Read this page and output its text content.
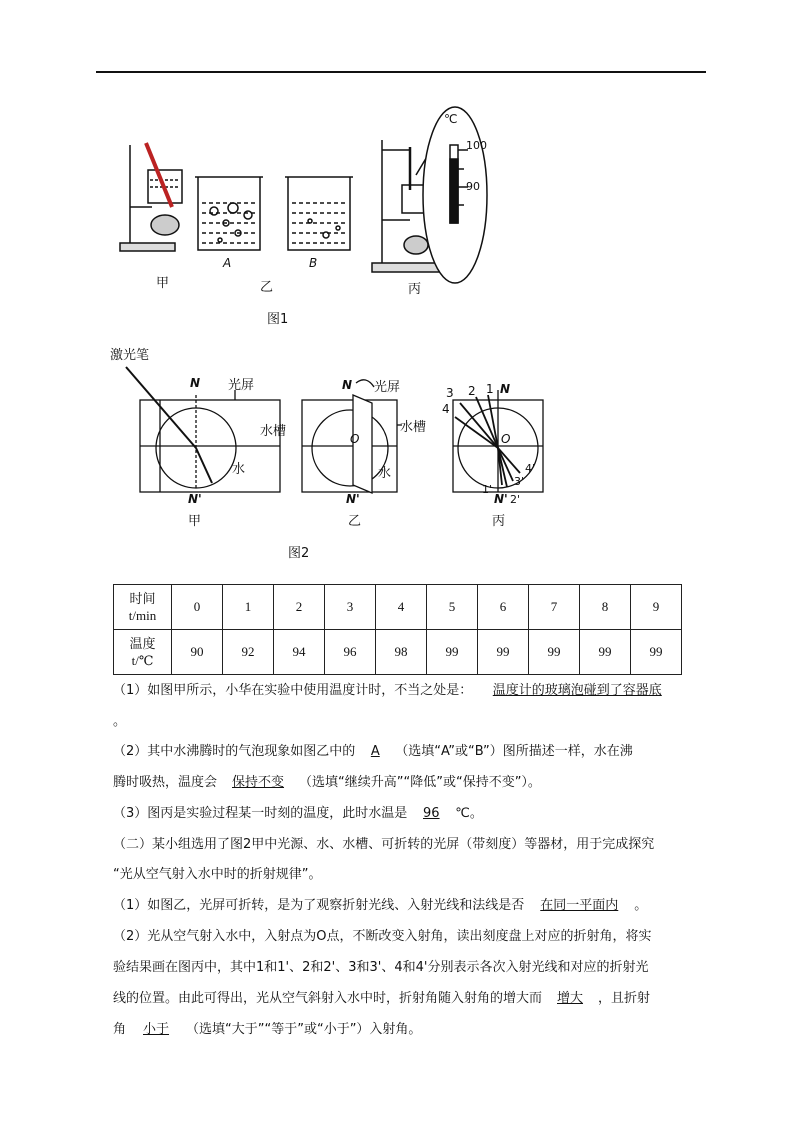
℃
100
90
甲
A
乙
B
丙
图1
激光笔
N 光屏
水槽
水
N'
甲
N 光屏
水槽
O
水
N'
乙
3 2 1 N
4
O
4'
3'
1'
N' 2'
丙
图2
时间
t/min	0	1	2	3	4	5	6	7	8	9
温度
t/℃	90	92	94	96	98	99	99	99	99	99
（1）如图甲所示，小华在实验中使用温度计时，不当之处是： 温度计的玻璃泡碰到了容器底
。
（2）其中水沸腾时的气泡现象如图乙中的 A （选填“A”或“B”）图所描述一样，水在沸
腾时吸热，温度会 保持不变 （选填“继续升高”“降低”或“保持不变”）。
（3）图丙是实验过程某一时刻的温度，此时水温是 96 ℃。
（二）某小组选用了图2甲中光源、水、水槽、可折转的光屏（带刻度）等器材，用于完成探究
“光从空气射入水中时的折射规律”。
（1）如图乙，光屏可折转，是为了观察折射光线、入射光线和法线是否 在同一平面内 。
（2）光从空气射入水中，入射点为O点，不断改变入射角，读出刻度盘上对应的折射角，将实
验结果画在图丙中，其中1和1'、2和2'、3和3'、4和4'分别表示各次入射光线和对应的折射光
线的位置。由此可得出，光从空气斜射入水中时，折射角随入射角的增大而 增大 ，且折射
角 小于 （选填“大于”“等于”或“小于”）入射角。
